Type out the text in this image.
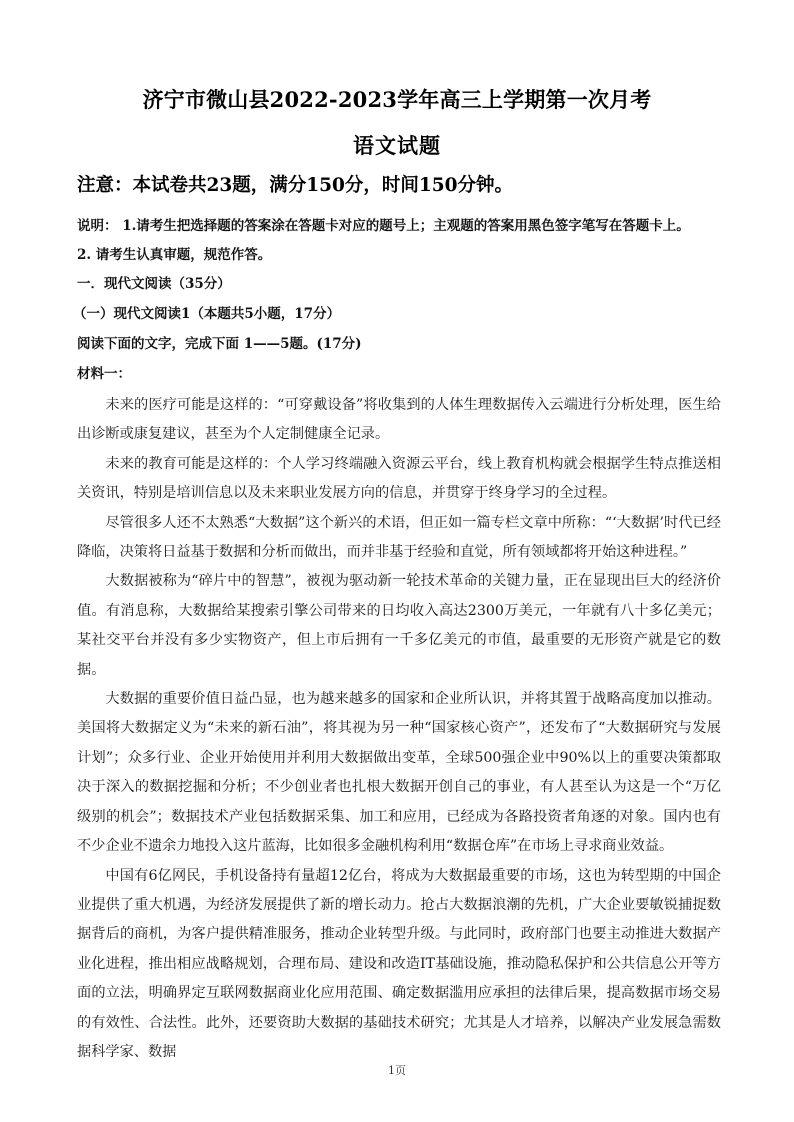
济宁市微山县2022-2023学年高三上学期第一次月考
语文试题
注意：本试卷共23题，满分150分，时间150分钟。
说明： 1.请考生把选择题的答案涂在答题卡对应的题号上；主观题的答案用黑色签字笔写在答题卡上。
2. 请考生认真审题，规范作答。
一．现代文阅读（35分）
（一）现代文阅读1（本题共5小题，17分）
阅读下面的文字，完成下面 1——5题。(17分)
材料一：

未来的医疗可能是这样的：“可穿戴设备”将收集到的人体生理数据传入云端进行分析处理，医生给出诊断或康复建议，甚至为个人定制健康全记录。

未来的教育可能是这样的：个人学习终端融入资源云平台，线上教育机构就会根据学生特点推送相关资讯，特别是培训信息以及未来职业发展方向的信息，并贯穿于终身学习的全过程。

尽管很多人还不太熟悉“大数据”这个新兴的术语，但正如一篇专栏文章中所称：“‘大数据’时代已经降临，决策将日益基于数据和分析而做出，而并非基于经验和直觉，所有领域都将开始这种进程。”

大数据被称为“碎片中的智慧”，被视为驱动新一轮技术革命的关键力量，正在显现出巨大的经济价值。有消息称，大数据给某搜索引擎公司带来的日均收入高达2300万美元，一年就有八十多亿美元；某社交平台并没有多少实物资产，但上市后拥有一千多亿美元的市值，最重要的无形资产就是它的数据。

大数据的重要价值日益凸显，也为越来越多的国家和企业所认识，并将其置于战略高度加以推动。美国将大数据定义为“未来的新石油”，将其视为另一种“国家核心资产”，还发布了“大数据研究与发展计划”；众多行业、企业开始使用并利用大数据做出变革，全球500强企业中90%以上的重要决策都取决于深入的数据挖掘和分析；不少创业者也扎根大数据开创自己的事业，有人甚至认为这是一个“万亿级别的机会”；数据技术产业包括数据采集、加工和应用，已经成为各路投资者角逐的对象。国内也有不少企业不遗余力地投入这片蓝海，比如很多金融机构利用“数据仓库”在市场上寻求商业效益。

中国有6亿网民，手机设备持有量超12亿台，将成为大数据最重要的市场，这也为转型期的中国企业提供了重大机遇，为经济发展提供了新的增长动力。抢占大数据浪潮的先机，广大企业要敏锐捕捉数据背后的商机，为客户提供精准服务，推动企业转型升级。与此同时，政府部门也要主动推进大数据产业化进程，推出相应战略规划，合理布局、建设和改造IT基础设施，推动隐私保护和公共信息公开等方面的立法，明确界定互联网数据商业化应用范围、确定数据滥用应承担的法律后果，提高数据市场交易的有效性、合法性。此外，还要资助大数据的基础技术研究；尤其是人才培养，以解决产业发展急需数据科学家、数据

1页
